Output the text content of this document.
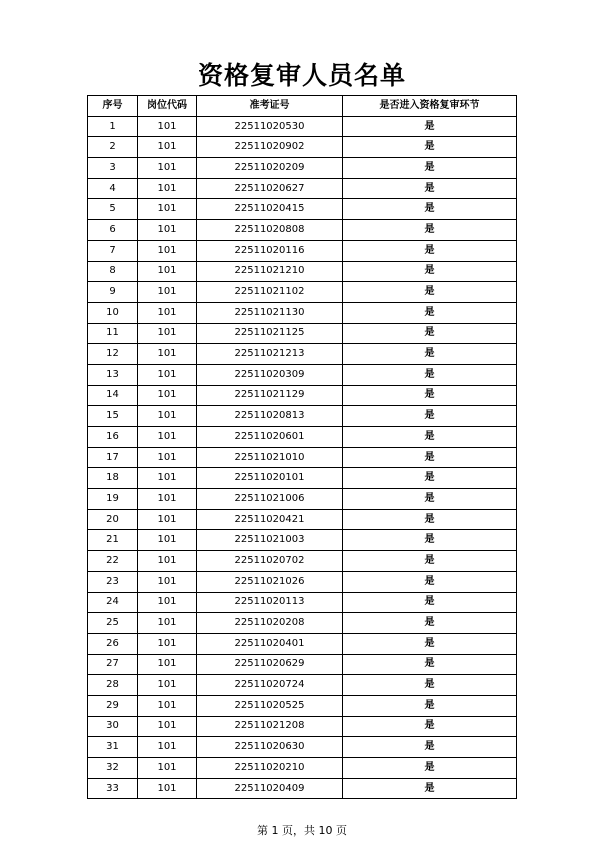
资格复审人员名单
序号	岗位代码	准考证号	是否进入资格复审环节
1	101	22511020530	是
2	101	22511020902	是
3	101	22511020209	是
4	101	22511020627	是
5	101	22511020415	是
6	101	22511020808	是
7	101	22511020116	是
8	101	22511021210	是
9	101	22511021102	是
10	101	22511021130	是
11	101	22511021125	是
12	101	22511021213	是
13	101	22511020309	是
14	101	22511021129	是
15	101	22511020813	是
16	101	22511020601	是
17	101	22511021010	是
18	101	22511020101	是
19	101	22511021006	是
20	101	22511020421	是
21	101	22511021003	是
22	101	22511020702	是
23	101	22511021026	是
24	101	22511020113	是
25	101	22511020208	是
26	101	22511020401	是
27	101	22511020629	是
28	101	22511020724	是
29	101	22511020525	是
30	101	22511021208	是
31	101	22511020630	是
32	101	22511020210	是
33	101	22511020409	是
第 1 页，共 10 页
